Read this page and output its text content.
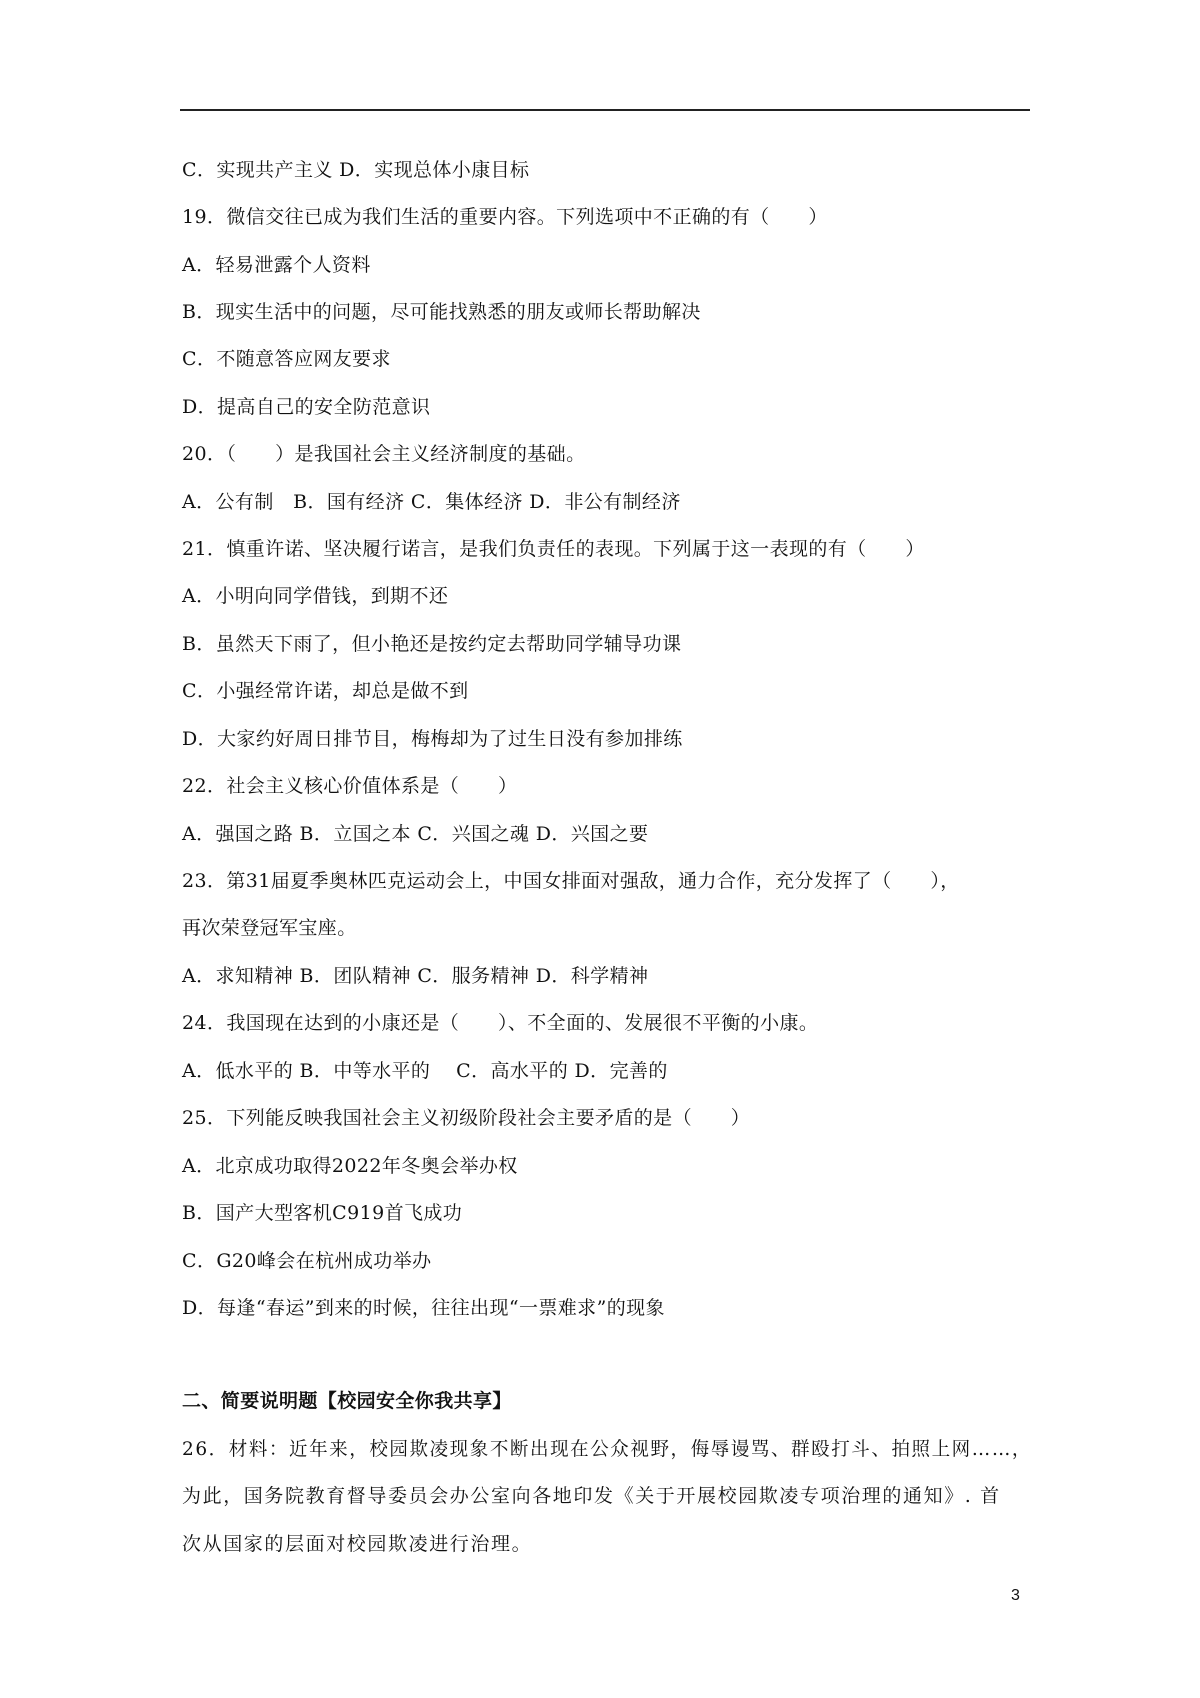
C．实现共产主义 D．实现总体小康目标
19．微信交往已成为我们生活的重要内容。下列选项中不正确的有（　　）
A．轻易泄露个人资料
B．现实生活中的问题，尽可能找熟悉的朋友或师长帮助解决
C．不随意答应网友要求
D．提高自己的安全防范意识
20．（　　）是我国社会主义经济制度的基础。
A．公有制　B．国有经济 C．集体经济 D．非公有制经济
21．慎重许诺、坚决履行诺言，是我们负责任的表现。下列属于这一表现的有（　　）
A．小明向同学借钱，到期不还
B．虽然天下雨了，但小艳还是按约定去帮助同学辅导功课
C．小强经常许诺，却总是做不到
D．大家约好周日排节目，梅梅却为了过生日没有参加排练
22．社会主义核心价值体系是（　　）
A．强国之路 B．立国之本 C．兴国之魂 D．兴国之要
23．第31届夏季奥林匹克运动会上，中国女排面对强敌，通力合作，充分发挥了（　　），
再次荣登冠军宝座。
A．求知精神 B．团队精神 C．服务精神 D．科学精神
24．我国现在达到的小康还是（　　）、不全面的、发展很不平衡的小康。
A．低水平的 B．中等水平的　 C．高水平的 D．完善的
25．下列能反映我国社会主义初级阶段社会主要矛盾的是（　　）
A．北京成功取得2022年冬奥会举办权
B．国产大型客机C919首飞成功
C．G20峰会在杭州成功举办
D．每逢“春运”到来的时候，往往出现“一票难求”的现象
二、简要说明题【校园安全你我共享】
26．材料：近年来，校园欺凌现象不断出现在公众视野，侮辱谩骂、群殴打斗、拍照上网……，
为此，国务院教育督导委员会办公室向各地印发《关于开展校园欺凌专项治理的通知》. 首
次从国家的层面对校园欺凌进行治理。
3
